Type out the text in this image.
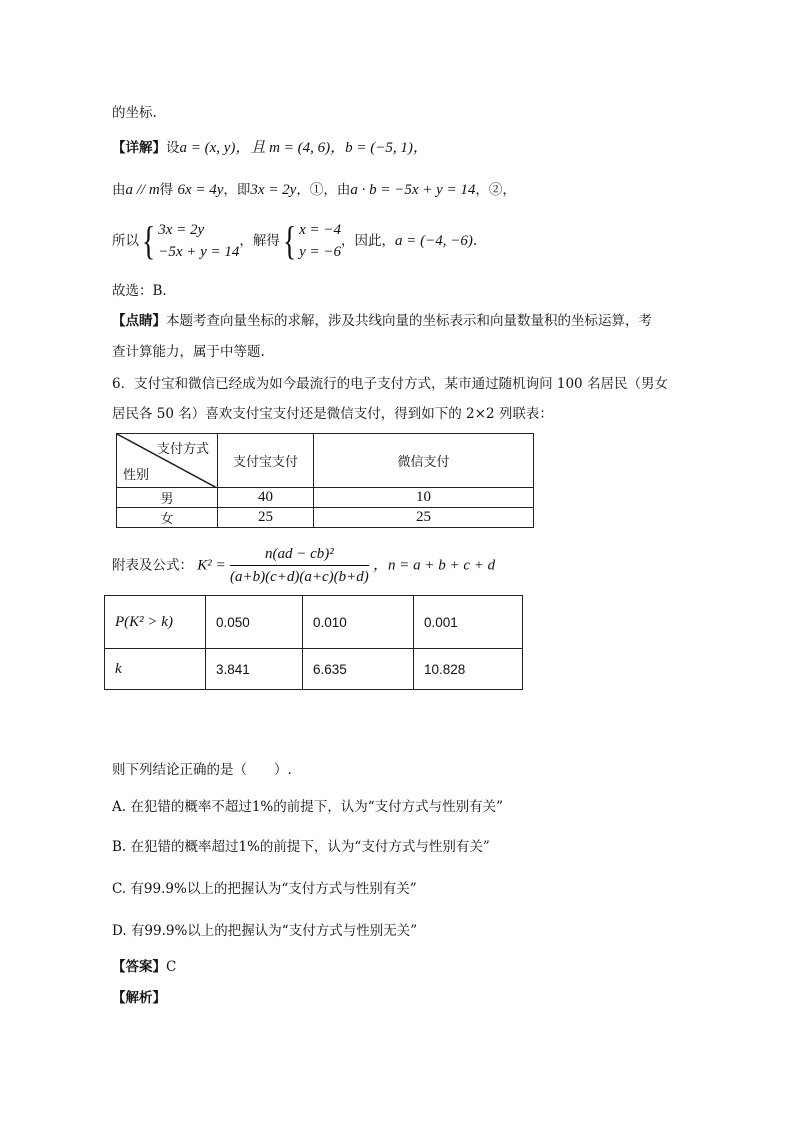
的坐标.
【详解】设a = (x, y)，且 m = (4, 6)，b = (−5, 1)，
由a // m得 6x = 4y，即3x = 2y，①，由a · b = −5x + y = 14，②，
所以{ 3x = 2y
−5x + y = 14
，解得{ x = −4
y = −6
，因此，a = (−4, −6).
故选：B.
【点睛】本题考查向量坐标的求解，涉及共线向量的坐标表示和向量数量积的坐标运算，考
查计算能力，属于中等题.
6．支付宝和微信已经成为如今最流行的电子支付方式，某市通过随机询问 100 名居民（男女
居民各 50 名）喜欢支付宝支付还是微信支付，得到如下的 2×2 列联表：
支付方式
性别	支付宝支付	微信支付
男	40	10
女	25	25
附表及公式： $K^2 = \frac{\text{n(ad − cb)²}}{(a+b)(c+d)(a+c)(b+d)}$ ，n = a + b + c + d
P(K² > k)	0.050	0.010	0.001
k	3.841	6.635	10.828
则下列结论正确的是（　　）.
A. 在犯错的概率不超过1%的前提下，认为“支付方式与性别有关”
B. 在犯错的概率超过1%的前提下，认为“支付方式与性别有关”
C. 有99.9%以上的把握认为“支付方式与性别有关”
D. 有99.9%以上的把握认为“支付方式与性别无关”
【答案】C
【解析】
